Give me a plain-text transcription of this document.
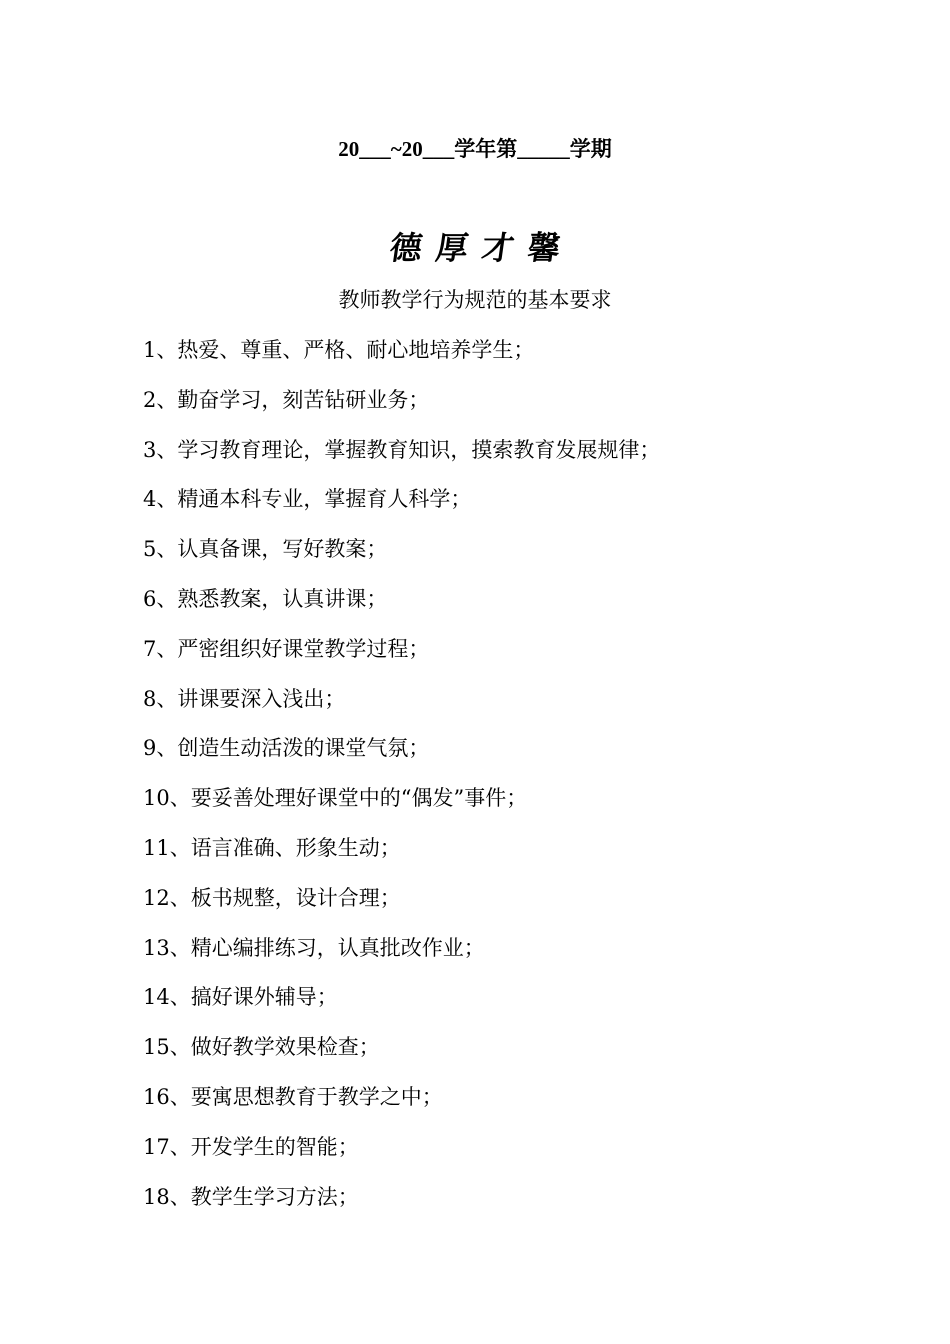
20___~20___学年第_____学期
德厚才馨
教师教学行为规范的基本要求
1、热爱、尊重、严格、耐心地培养学生；
2、勤奋学习，刻苦钻研业务；
3、学习教育理论，掌握教育知识，摸索教育发展规律；
4、精通本科专业，掌握育人科学；
5、认真备课，写好教案；
6、熟悉教案，认真讲课；
7、严密组织好课堂教学过程；
8、讲课要深入浅出；
9、创造生动活泼的课堂气氛；
10、要妥善处理好课堂中的“偶发”事件；
11、语言准确、形象生动；
12、板书规整，设计合理；
13、精心编排练习，认真批改作业；
14、搞好课外辅导；
15、做好教学效果检查；
16、要寓思想教育于教学之中；
17、开发学生的智能；
18、教学生学习方法；
